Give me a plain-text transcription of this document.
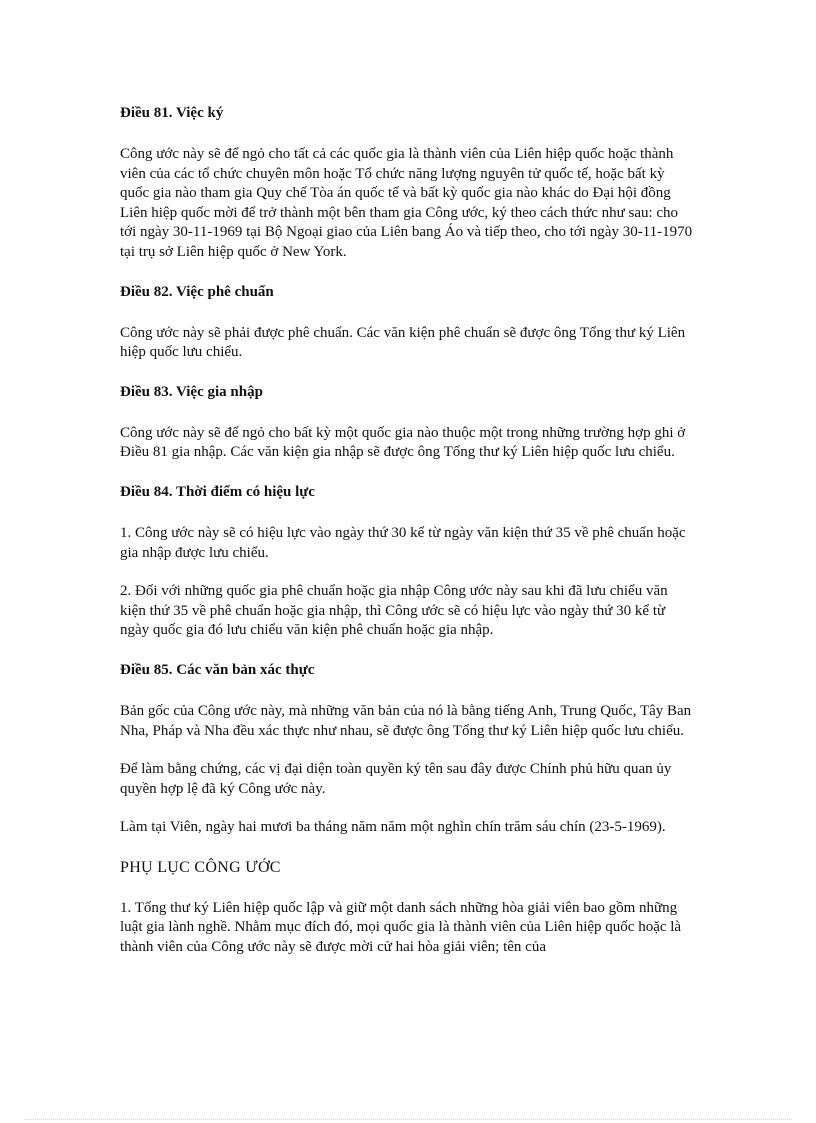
Điều 81. Việc ký

Công ước này sẽ để ngỏ cho tất cả các quốc gia là thành viên của Liên hiệp quốc hoặc thành viên của các tổ chức chuyên môn hoặc Tổ chức năng lượng nguyên tử quốc tế, hoặc bất kỳ quốc gia nào tham gia Quy chế Tòa án quốc tế và bất kỳ quốc gia nào khác do Đại hội đồng Liên hiệp quốc mời để trở thành một bên tham gia Công ước, ký theo cách thức như sau: cho tới ngày 30-11-1969 tại Bộ Ngoại giao của Liên bang Áo và tiếp theo, cho tới ngày 30-11-1970 tại trụ sở Liên hiệp quốc ở New York.

Điều 82. Việc phê chuẩn

Công ước này sẽ phải được phê chuẩn. Các văn kiện phê chuẩn sẽ được ông Tổng thư ký Liên hiệp quốc lưu chiểu.

Điều 83. Việc gia nhập

Công ước này sẽ để ngỏ cho bất kỳ một quốc gia nào thuộc một trong những trường hợp ghi ở Điều 81 gia nhập. Các văn kiện gia nhập sẽ được ông Tổng thư ký Liên hiệp quốc lưu chiểu.

Điều 84. Thời điểm có hiệu lực

1. Công ước này sẽ có hiệu lực vào ngày thứ 30 kể từ ngày văn kiện thứ 35 về phê chuẩn hoặc gia nhập được lưu chiểu.

2. Đối với những quốc gia phê chuẩn hoặc gia nhập Công ước này sau khi đã lưu chiểu văn kiện thứ 35 về phê chuẩn hoặc gia nhập, thì Công ước sẽ có hiệu lực vào ngày thứ 30 kể từ ngày quốc gia đó lưu chiểu văn kiện phê chuẩn hoặc gia nhập.

Điều 85. Các văn bản xác thực

Bản gốc của Công ước này, mà những văn bản của nó là bằng tiếng Anh, Trung Quốc, Tây Ban Nha, Pháp và Nha đều xác thực như nhau, sẽ được ông Tổng thư ký Liên hiệp quốc lưu chiểu.

Để làm bằng chứng, các vị đại diện toàn quyền ký tên sau đây được Chính phủ hữu quan ủy quyền hợp lệ đã ký Công ước này.

Làm tại Viên, ngày hai mươi ba tháng năm năm một nghìn chín trăm sáu chín (23-5-1969).

PHỤ LỤC CÔNG ƯỚC

1. Tổng thư ký Liên hiệp quốc lập và giữ một danh sách những hòa giải viên bao gồm những luật gia lành nghề. Nhằm mục đích đó, mọi quốc gia là thành viên của Liên hiệp quốc hoặc là thành viên của Công ước này sẽ được mời cử hai hòa giải viên; tên của
